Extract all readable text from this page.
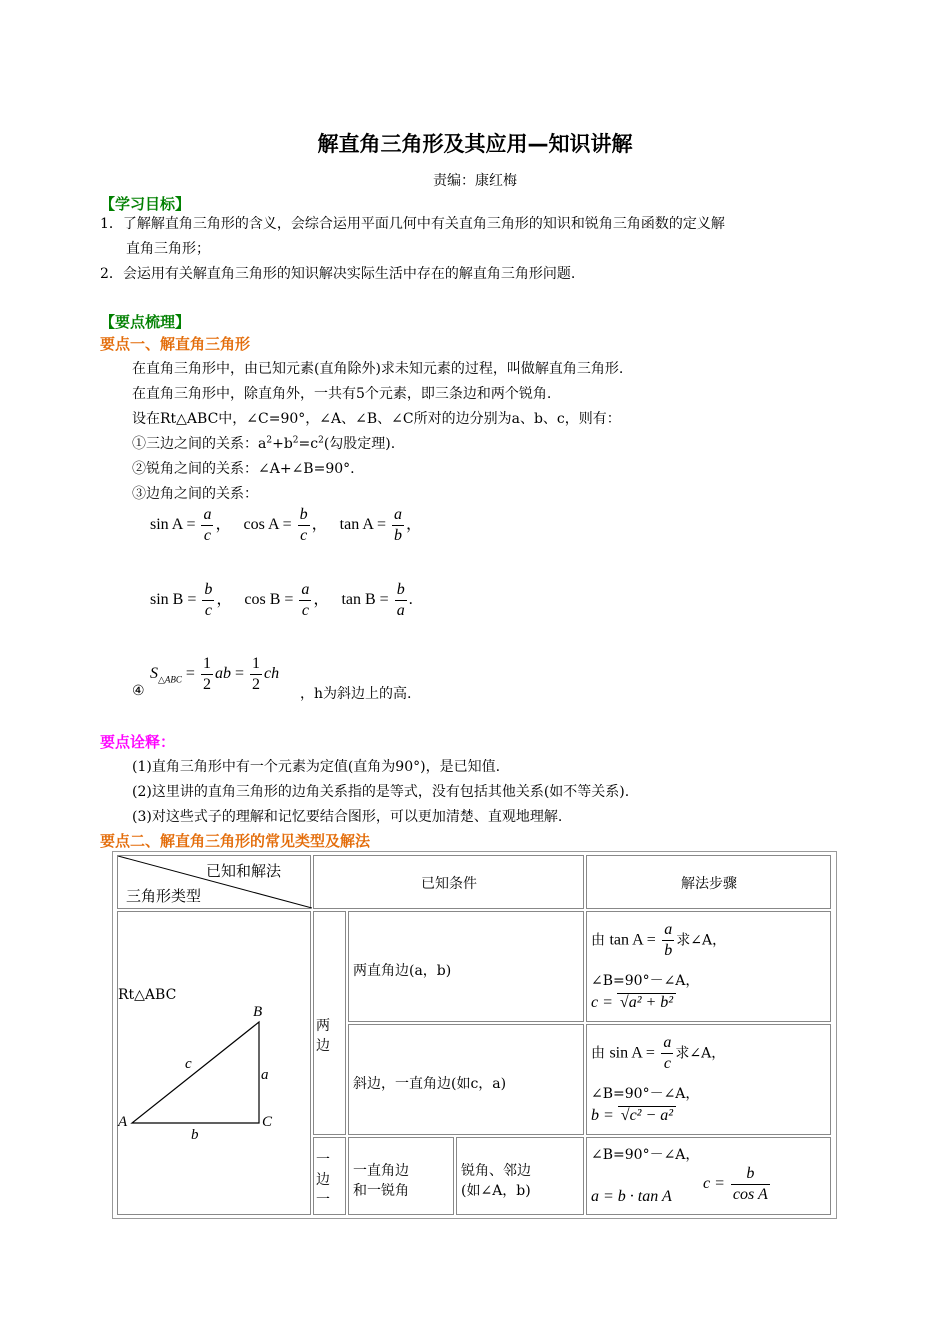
解直角三角形及其应用—知识讲解
责编：康红梅
【学习目标】
1．了解解直角三角形的含义，会综合运用平面几何中有关直角三角形的知识和锐角三角函数的定义解
直角三角形；
2．会运用有关解直角三角形的知识解决实际生活中存在的解直角三角形问题.
【要点梳理】
要点一、解直角三角形
在直角三角形中，由已知元素(直角除外)求未知元素的过程，叫做解直角三角形.
在直角三角形中，除直角外，一共有5个元素，即三条边和两个锐角.
设在Rt△ABC中，∠C=90°，∠A、∠B、∠C所对的边分别为a、b、c，则有：
①三边之间的关系：$a^2+b^2=c^2$(勾股定理).
②锐角之间的关系：∠A+∠B=90°.
③边角之间的关系：
$\sin A = \frac{a}{c}$ ， $\cos A = \frac{b}{c}$ ， $\tan A = \frac{a}{b}$ ，
$\sin B = \frac{b}{c}$ ， $\cos B = \frac{a}{c}$ ， $\tan B = \frac{b}{a}$ .
④
$S_{\triangle ABC} = \frac{1}{2}$ ab = $\frac{1}{2}$ ch
，h为斜边上的高.
要点诠释：
(1)直角三角形中有一个元素为定值(直角为90°)，是已知值.
(2)这里讲的直角三角形的边角关系指的是等式，没有包括其他关系(如不等关系).
(3)对这些式子的理解和记忆要结合图形，可以更加清楚、直观地理解.
要点二、解直角三角形的常见类型及解法
已知和解法
三角形类型
已知条件	解法步骤
Rt△ABC
A
B
C
a
b
c
两边
两直角边(a，b)
由 $\tan A = \frac{a}{b}$ 求∠A，
∠B=90°－∠A，
c = √a² + b²
斜边，一直角边(如c，a)
由 $\sin A = \frac{a}{c}$ 求∠A，
∠B=90°－∠A，
b = √c² − a²
一边一
一直角边
和一锐角
锐角、邻边
(如∠A，b)
∠B=90°－∠A，
a = b · tan A
$c = \frac{b}{\text{cos A}}$
